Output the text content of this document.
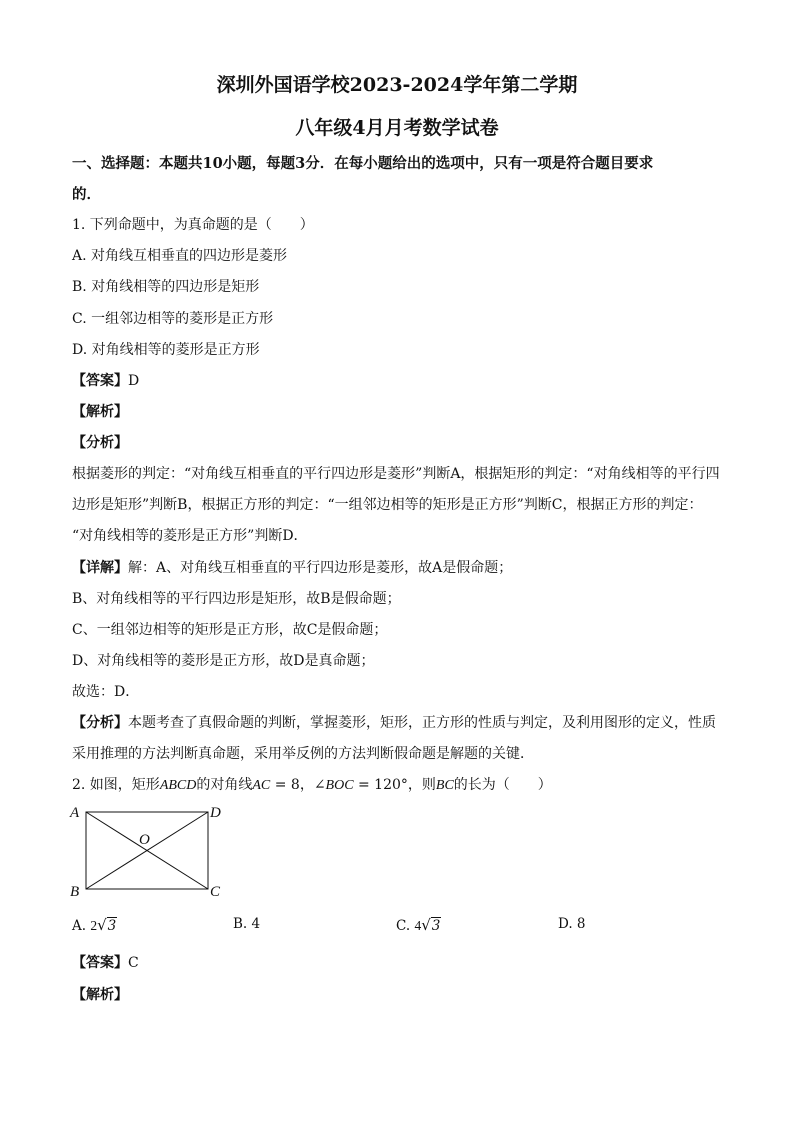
深圳外国语学校2023-2024学年第二学期
八年级4月月考数学试卷
一、选择题：本题共10小题，每题3分．在每小题给出的选项中，只有一项是符合题目要求
的．
1. 下列命题中，为真命题的是（　　）
A. 对角线互相垂直的四边形是菱形
B. 对角线相等的四边形是矩形
C. 一组邻边相等的菱形是正方形
D. 对角线相等的菱形是正方形
【答案】D
【解析】
【分析】
根据菱形的判定：“对角线互相垂直的平行四边形是菱形”判断A，根据矩形的判定：“对角线相等的平行四
边形是矩形”判断B，根据正方形的判定：“一组邻边相等的矩形是正方形”判断C，根据正方形的判定：
“对角线相等的菱形是正方形”判断D．
【详解】解：A、对角线互相垂直的平行四边形是菱形，故A是假命题；
B、对角线相等的平行四边形是矩形，故B是假命题；
C、一组邻边相等的矩形是正方形，故C是假命题；
D、对角线相等的菱形是正方形，故D是真命题；
故选：D．
【分析】本题考查了真假命题的判断，掌握菱形，矩形，正方形的性质与判定，及利用图形的定义，性质
采用推理的方法判断真命题，采用举反例的方法判断假命题是解题的关键．
2. 如图，矩形ABCD的对角线AC = 8，∠BOC = 120°，则BC的长为（　　）
A	D
B	C
O
A. 2√3	B. 4	C. 4√3	D. 8
【答案】C
【解析】
